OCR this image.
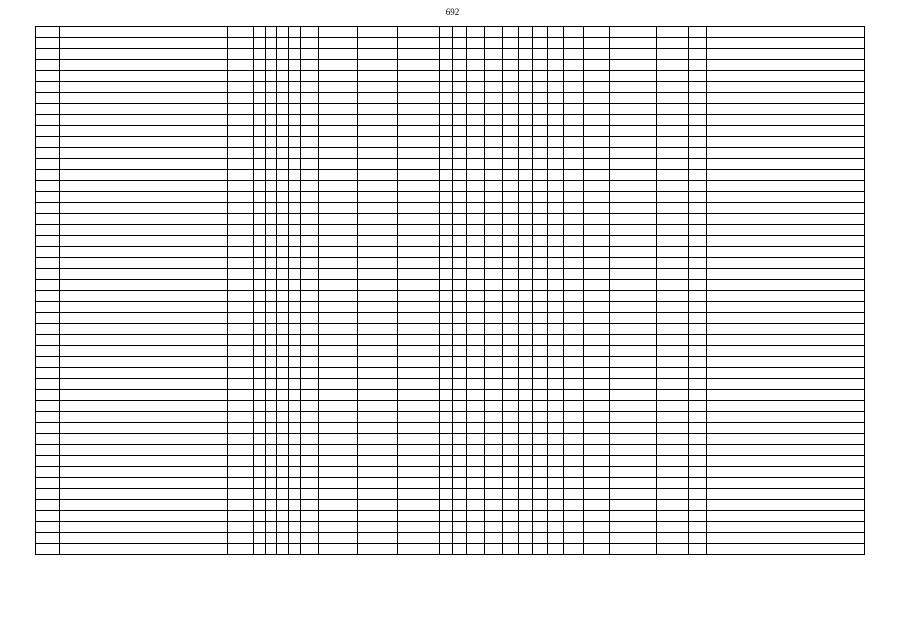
692
